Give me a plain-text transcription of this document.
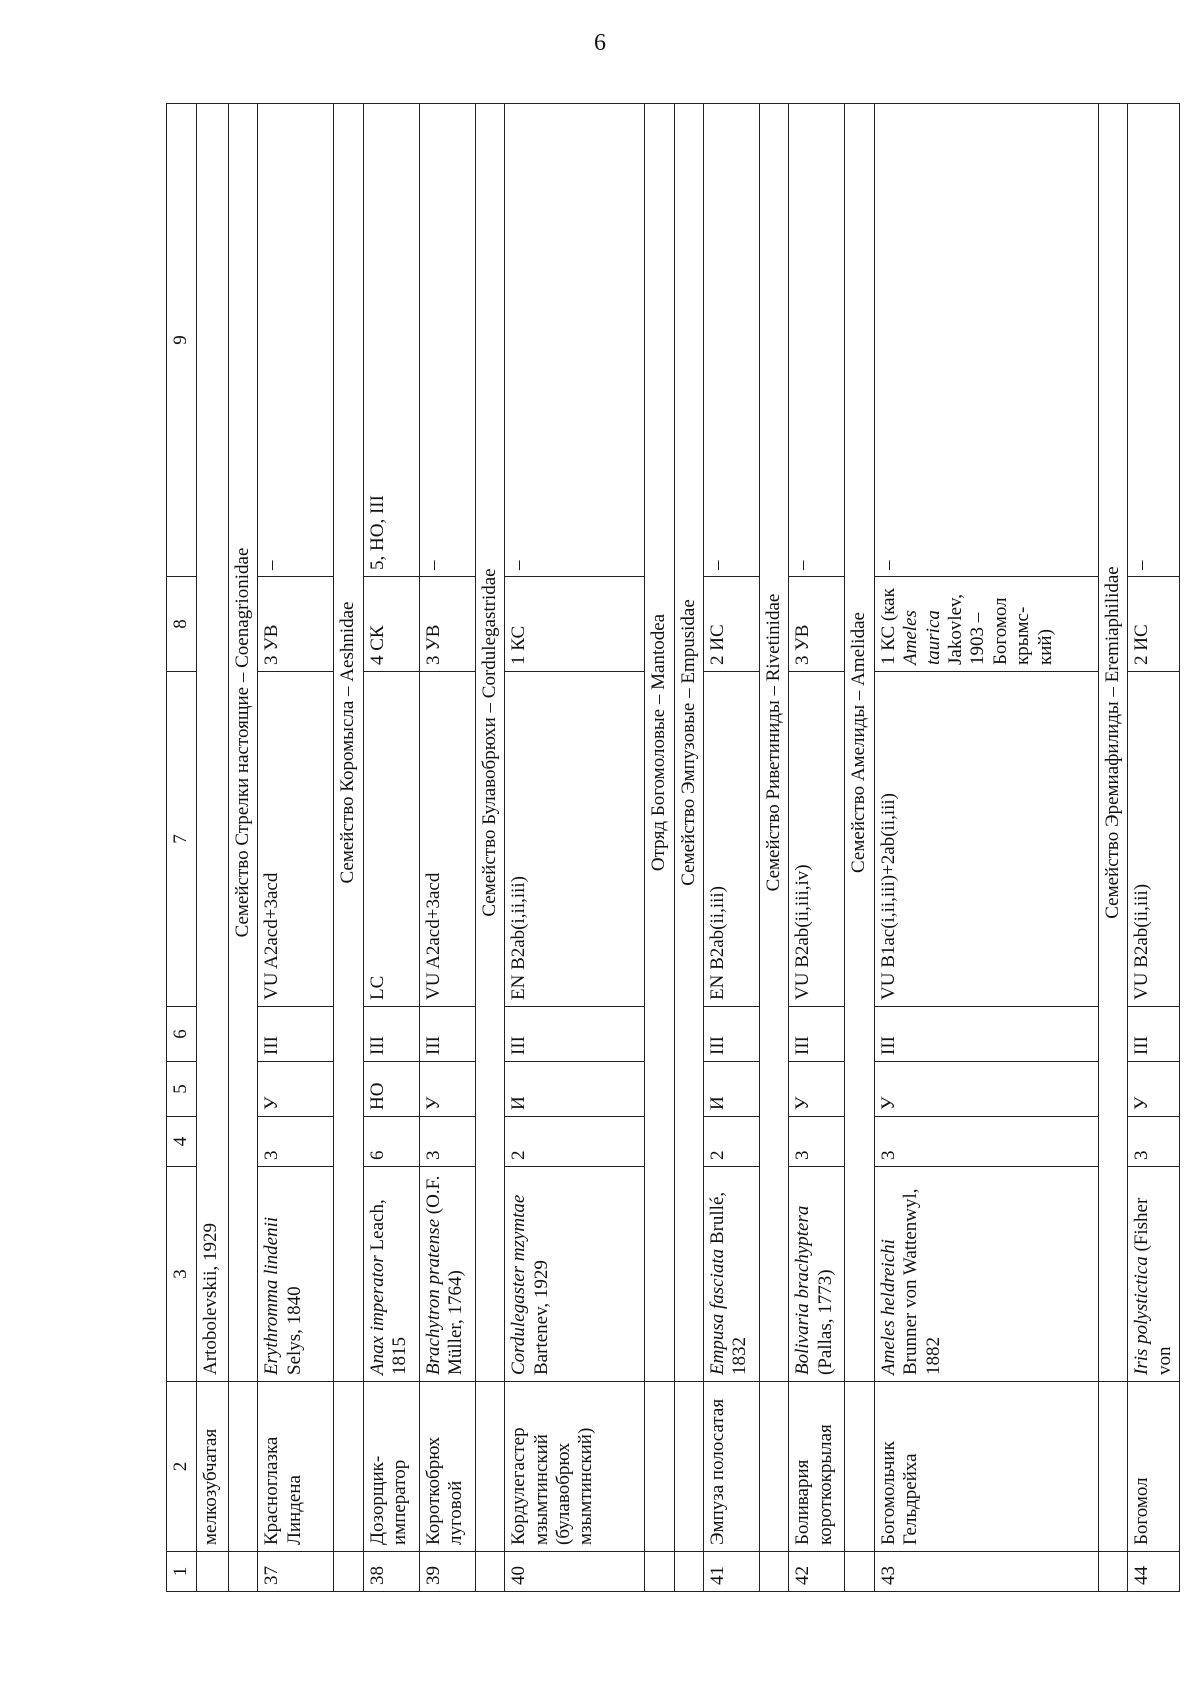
6
1	2	3	4	5	6	7	8	9
	мелкозубчатая	Artobolevskii, 1929						
		Семейство Стрелки настоящие – Coenagrionidae						
37	Красноглазка Линдена	Erythromma lindenii Selys, 1840	3	У	III	VU A2acd+3acd	3 УВ	–
		Семейство Коромысла – Aeshnidae						
38	Дозорщик-император	Anax imperator Leach, 1815	6	НО	III	LC	4 СК	5, НО, III
39	Короткобрюх луговой	Brachytron pratense (O.F. Müller, 1764)	3	У	III	VU A2acd+3acd	3 УВ	–
		Семейство Булавобрюхи – Cordulegastridae						
40	Кордулегастер мзымтинский (булавобрюх мзымтинский)	Cordulegaster mzymtae Bartenev, 1929	2	И	III	EN B2ab(i,ii,iii)	1 КС	–
		Отряд Богомоловые – Mantodea						
		Семейство Эмпузовые – Empusidae						
41	Эмпуза полосатая	Empusa fasciata Brullé, 1832	2	И	III	EN B2ab(ii,iii)	2 ИС	–
		Семейство Риветиниды – Rivetinidae						
42	Боливария короткокрылая	Bolivaria brachyptera (Pallas, 1773)	3	У	III	VU B2ab(ii,iii,iv)	3 УВ	–
		Семейство Амелиды – Amelidae						
43	Богомольчик Гельдрейха	Ameles heldreichi Brunner von Wattenwyl, 1882	3	У	III	VU B1ac(i,ii,iii)+2ab(ii,iii)	1 КС (как Ameles taurica Jakovlev, 1903 – Богомол крымский)	–
		Семейство Эремиафилиды – Eremiaphilidae						
44	Богомол	Iris polystictica (Fisher von	3	У	III	VU B2ab(ii,iii)	2 ИС	–
